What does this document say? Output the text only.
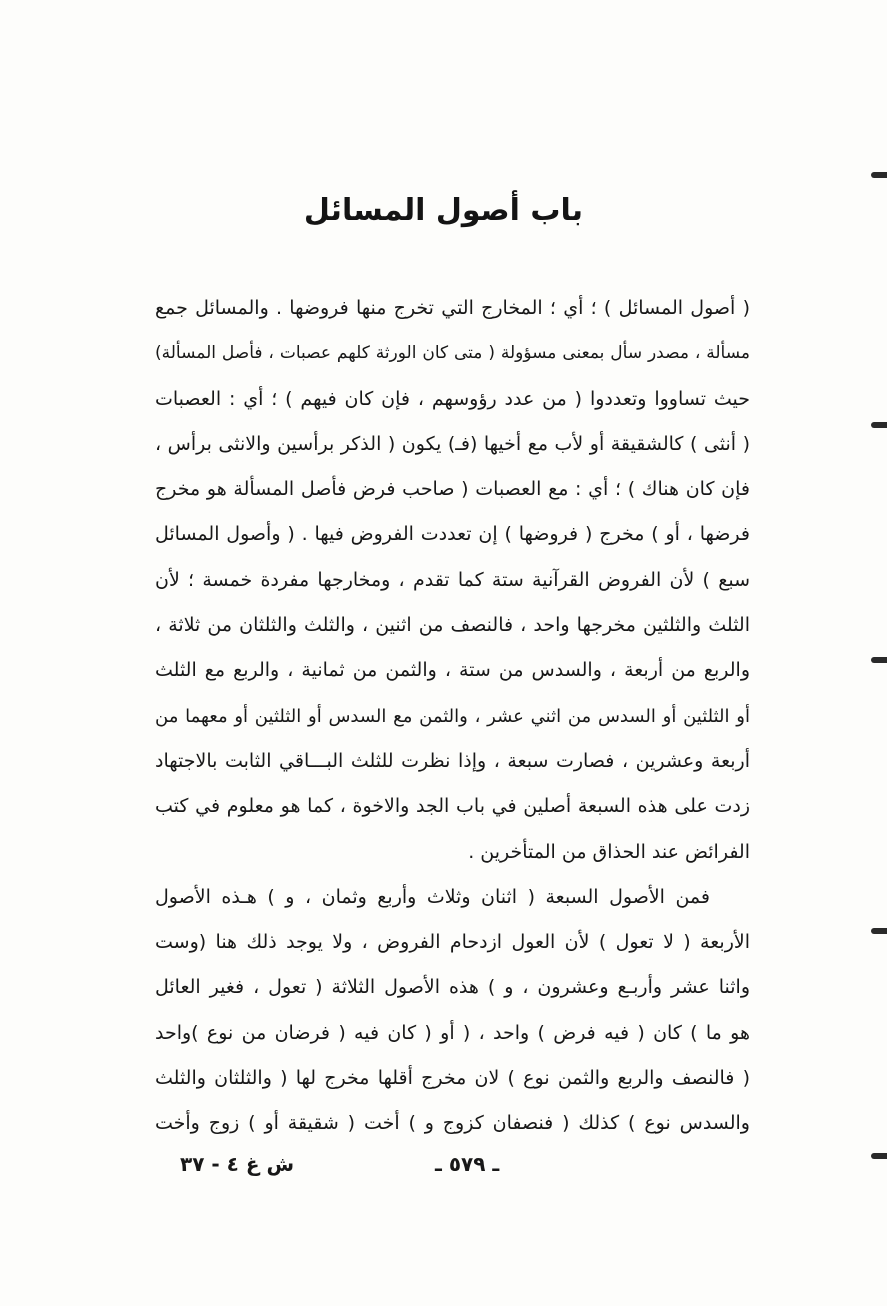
باب أصول المسائل
( أصول المسائل ) ؛ أي ؛ المخارج التي تخرج منها فروضها . والمسائل جمع
مسألة ، مصدر سأل بمعنى مسؤولة ( متى كان الورثة كلهم عصبات ، فأصل المسألة)
حيث تساووا وتعددوا ( من عدد رؤوسهم ، فإن كان فيهم ) ؛ أي : العصبات
( أنثى ) كالشقيقة أو لأب مع أخيها (فـ) يكون ( الذكر برأسين والانثى برأس ،
فإن كان هناك ) ؛ أي : مع العصبات ( صاحب فرض فأصل المسألة هو مخرج
فرضها ، أو ) مخرج ( فروضها ) إن تعددت الفروض فيها . ( وأصول المسائل
سبع ) لأن الفروض القرآنية ستة كما تقدم ، ومخارجها مفردة خمسة ؛ لأن
الثلث والثلثين مخرجها واحد ، فالنصف من اثنين ، والثلث والثلثان من ثلاثة ،
والربع من أربعة ، والسدس من ستة ، والثمن من ثمانية ، والربع مع الثلث
أو الثلثين أو السدس من اثني عشر ، والثمن مع السدس أو الثلثين أو معهما من
أربعة وعشرين ، فصارت سبعة ، وإذا نظرت للثلث البـــاقي الثابت بالاجتهاد
زدت على هذه السبعة أصلين في باب الجد والاخوة ، كما هو معلوم في كتب
الفرائض عند الحذاق من المتأخرين .
فمن الأصول السبعة ( اثنان وثلاث وأربع وثمان ، و ) هـذه الأصول
الأربعة ( لا تعول ) لأن العول ازدحام الفروض ، ولا يوجد ذلك هنا (وست
واثنا عشر وأربـع وعشرون ، و ) هذه الأصول الثلاثة ( تعول ، فغير العائل
هو ما ) كان ( فيه فرض ) واحد ، ( أو ( كان فيه ( فرضان من نوع )واحد
( فالنصف والربع والثمن نوع ) لان مخرج أقلها مخرج لها ( والثلثان والثلث
والسدس نوع ) كذلك ( فنصفان كزوج و ) أخت ( شقيقة أو ) زوج وأخت
ش غ ٤ - ٣٧	ـ ٥٧٩ ـ
